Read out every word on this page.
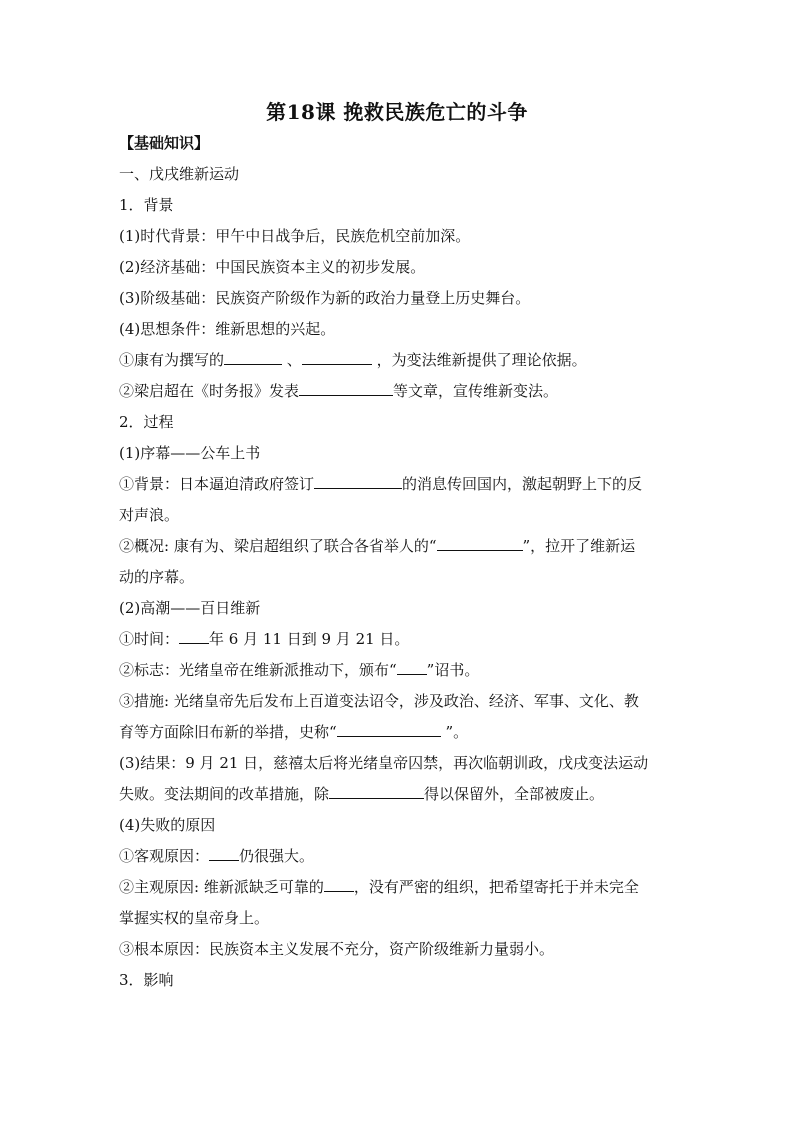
第18课 挽救民族危亡的斗争
【基础知识】
一、戊戌维新运动
1．背景
(1)时代背景：甲午中日战争后，民族危机空前加深。
(2)经济基础：中国民族资本主义的初步发展。
(3)阶级基础：民族资产阶级作为新的政治力量登上历史舞台。
(4)思想条件：维新思想的兴起。
①康有为撰写的	、	，为变法维新提供了理论依据。
②梁启超在《时务报》发表	等文章，宣传维新变法。
2．过程
(1)序幕——公车上书
①背景：日本逼迫清政府签订	的消息传回国内，激起朝野上下的反
对声浪。
②概况: 康有为、梁启超组织了联合各省举人的“	”，拉开了维新运
动的序幕。
(2)高潮——百日维新
①时间： 年 6 月 11 日到 9 月 21 日。
②标志：光绪皇帝在维新派推动下，颁布“ ”诏书。
③措施: 光绪皇帝先后发布上百道变法诏令，涉及政治、经济、军事、文化、教
育等方面除旧布新的举措，史称“	”。
(3)结果：9 月 21 日，慈禧太后将光绪皇帝囚禁，再次临朝训政，戊戌变法运动
失败。变法期间的改革措施，除	得以保留外，全部被废止。
(4)失败的原因
①客观原因： 仍很强大。
②主观原因: 维新派缺乏可靠的 ，没有严密的组织，把希望寄托于并未完全
掌握实权的皇帝身上。
③根本原因：民族资本主义发展不充分，资产阶级维新力量弱小。
3．影响
